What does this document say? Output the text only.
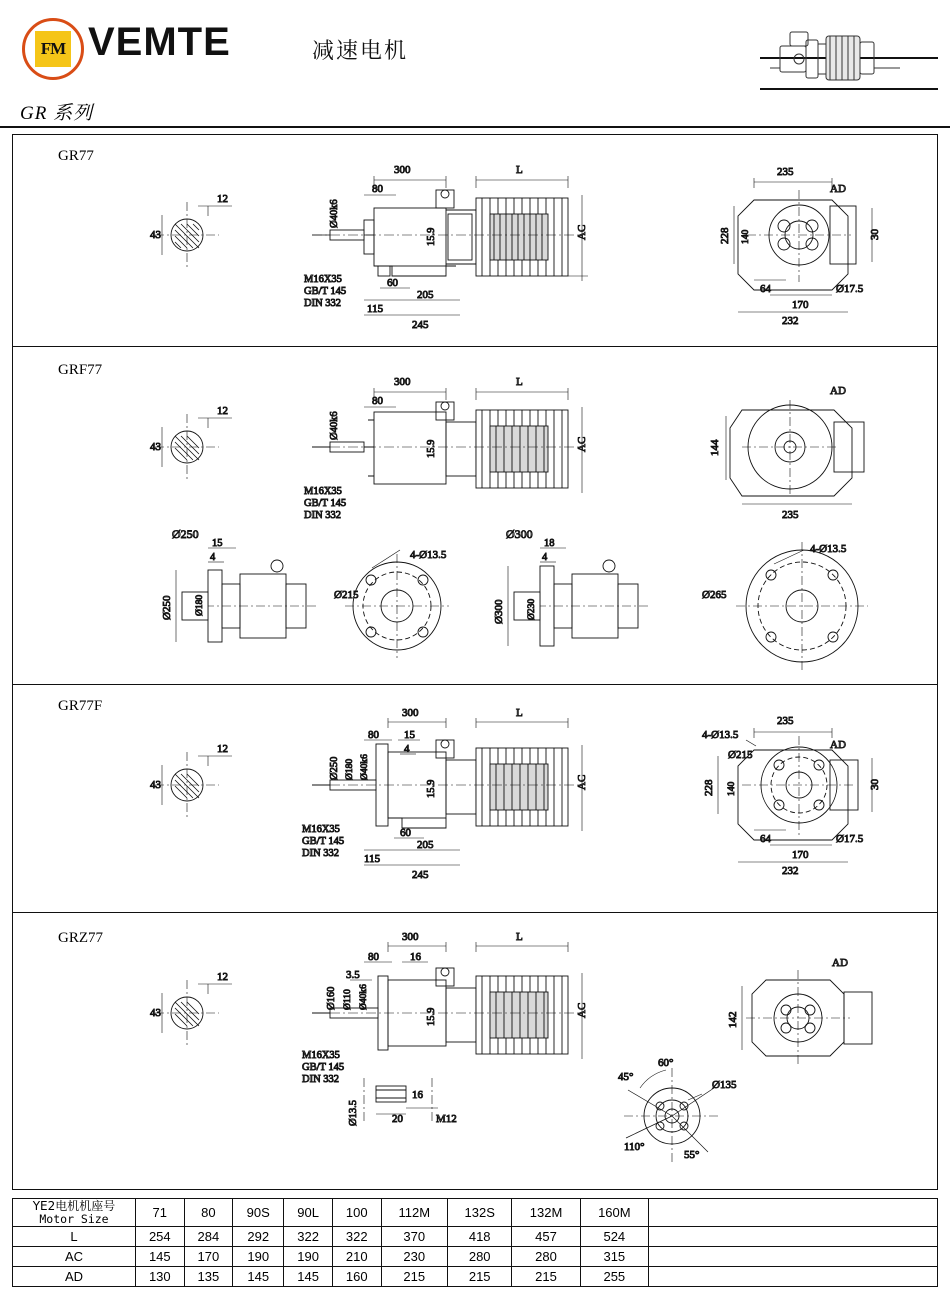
FM VEMTE	减速电机
GR 系列
GR77
GRF77
GR77F
GRZ77
12
43	AC
300	L
80
Ø40k6
15.9
60
115
205
245
M16X35
GB/T 145
DIN 332
235
AD
228 140	30
64
170
232
Ø17.5
12
43	AC
300	L
80
Ø40k6
15.9
M16X35
GB/T 145
DIN 332
AD
144
235
Ø250
15
4
Ø250 Ø180
4-Ø13.5
Ø215
Ø300
18
4
Ø300 Ø230
4-Ø13.5
Ø265
12
43	AC
300	L
80 15
4
Ø250 Ø180 Ø40k6
15.9
60
115
205
245
M16X35
GB/T 145
DIN 332
235
AD
4-Ø13.5
Ø215
228 140	30
64
170
232
Ø17.5
12
43	AC
300	L
80	16
3.5
Ø160 Ø110 Ø40k6
15.9
M16X35
GB/T 145
DIN 332
16
20
Ø13.5	M12
60°
45°
110°
55°
Ø135
AD
142
YE2电机机座号
Motor Size	71	80	90S	90L	100	112M	132S	132M	160M	
L	254	284	292	322	322	370	418	457	524	
AC	145	170	190	190	210	230	280	280	315	
AD	130	135	145	145	160	215	215	215	255	
